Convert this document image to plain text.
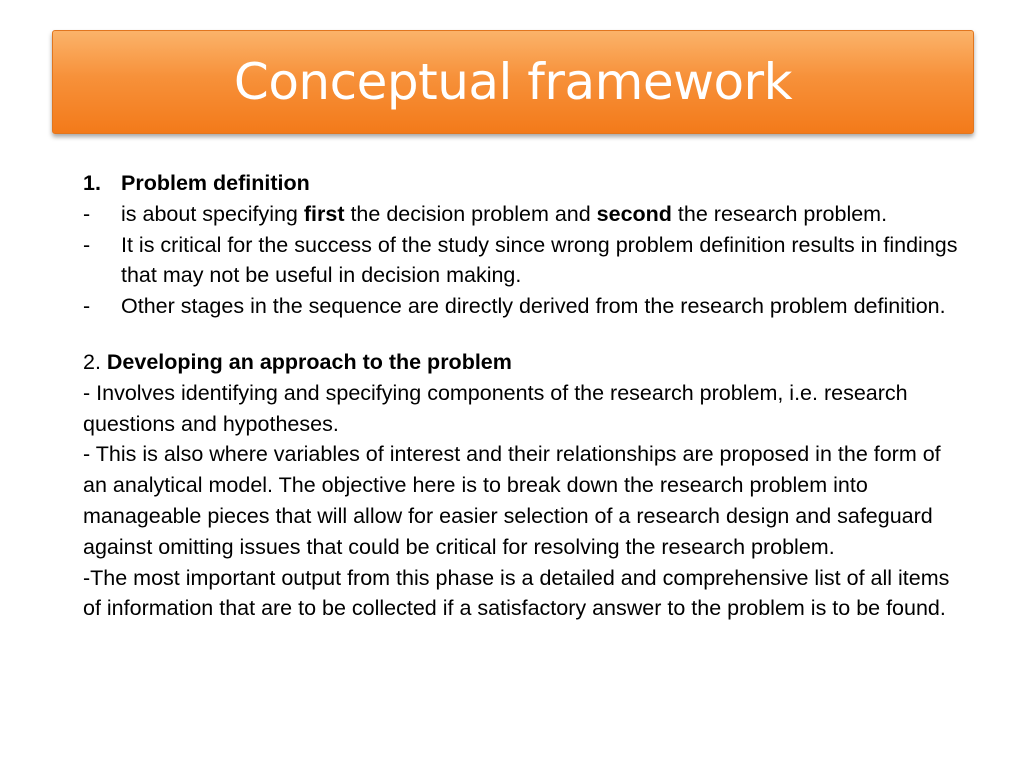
Conceptual framework
1. Problem definition
-	is about specifying first the decision problem and second the research problem.
-	It is critical for the success of the study since wrong problem definition results in findings that may not be useful in decision making.
-	Other stages in the sequence are directly derived from the research problem definition.

2. Developing an approach to the problem

- Involves identifying and specifying components of the research problem, i.e. research questions and hypotheses.

- This is also where variables of interest and their relationships are proposed in the form of an analytical model. The objective here is to break down the research problem into manageable pieces that will allow for easier selection of a research design and safeguard against omitting issues that could be critical for resolving the research problem.

-The most important output from this phase is a detailed and comprehensive list of all items of information that are to be collected if a satisfactory answer to the problem is to be found.
